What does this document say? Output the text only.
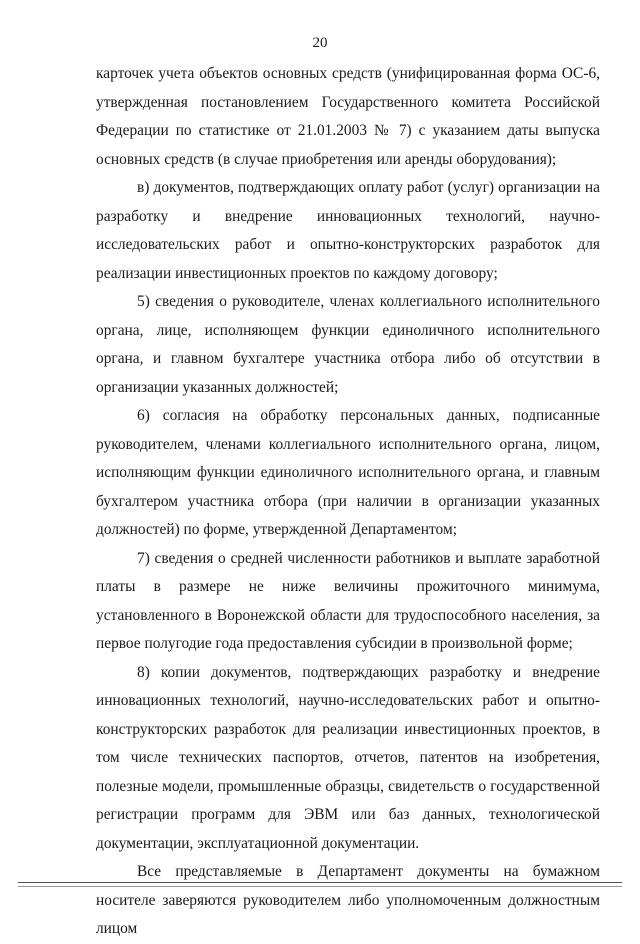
20

карточек учета объектов основных средств (унифицированная форма ОС-6, утвержденная постановлением Государственного комитета Российской Федерации по статистике от 21.01.2003 № 7) с указанием даты выпуска основных средств (в случае приобретения или аренды оборудования);

в) документов, подтверждающих оплату работ (услуг) организации на разработку и внедрение инновационных технологий, научно-исследовательских работ и опытно-конструкторских разработок для реализации инвестиционных проектов по каждому договору;

5) сведения о руководителе, членах коллегиального исполнительного органа, лице, исполняющем функции единоличного исполнительного органа, и главном бухгалтере участника отбора либо об отсутствии в организации указанных должностей;

6) согласия на обработку персональных данных, подписанные руководителем, членами коллегиального исполнительного органа, лицом, исполняющим функции единоличного исполнительного органа, и главным бухгалтером участника отбора (при наличии в организации указанных должностей) по форме, утвержденной Департаментом;

7) сведения о средней численности работников и выплате заработной платы в размере не ниже величины прожиточного минимума, установленного в Воронежской области для трудоспособного населения, за первое полугодие года предоставления субсидии в произвольной форме;

8) копии документов, подтверждающих разработку и внедрение инновационных технологий, научно-исследовательских работ и опытно-конструкторских разработок для реализации инвестиционных проектов, в том числе технических паспортов, отчетов, патентов на изобретения, полезные модели, промышленные образцы, свидетельств о государственной регистрации программ для ЭВМ или баз данных, технологической документации, эксплуатационной документации.

Все представляемые в Департамент документы на бумажном носителе заверяются руководителем либо уполномоченным должностным лицом
